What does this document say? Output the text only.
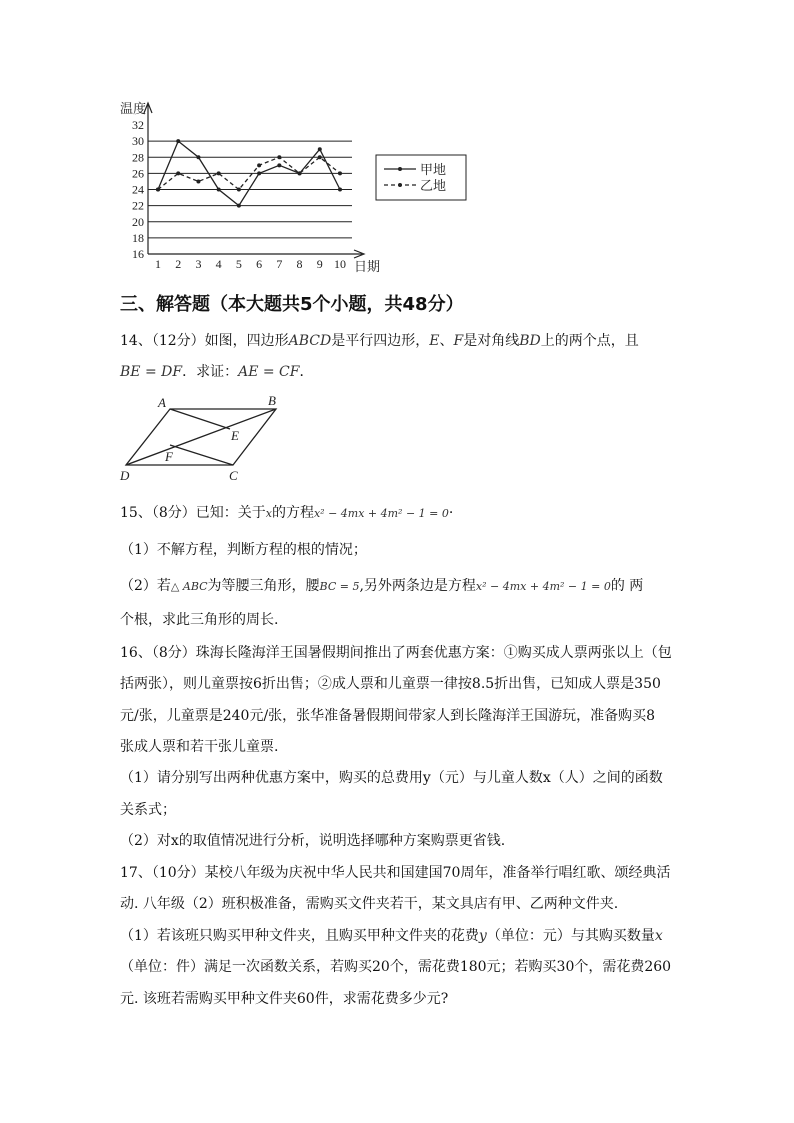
16
18
20
22
24
26
28
30
32
1 2 3 4 5 6 7 8 9 10
温度
日期
甲地
乙地
三、解答题（本大题共5个小题，共48分）
14、（12分）如图，四边形ABCD是平行四边形，E、F是对角线BD上的两个点，且
BE = DF．求证：AE = CF．
A	B
E
F
D	C
15、（8分）已知：关于x的方程x² − 4mx + 4m² − 1 = 0·
（1）不解方程，判断方程的根的情况；
（2）若△ ABC为等腰三角形，腰BC = 5,另外两条边是方程x² − 4mx + 4m² − 1 = 0的 两
个根，求此三角形的周长.
16、（8分）珠海长隆海洋王国暑假期间推出了两套优惠方案：①购买成人票两张以上（包
括两张），则儿童票按6折出售；②成人票和儿童票一律按8.5折出售，已知成人票是350
元/张，儿童票是240元/张，张华准备暑假期间带家人到长隆海洋王国游玩，准备购买8
张成人票和若干张儿童票.
（1）请分别写出两种优惠方案中，购买的总费用y（元）与儿童人数x（人）之间的函数
关系式；
（2）对x的取值情况进行分析，说明选择哪种方案购票更省钱.
17、（10分）某校八年级为庆祝中华人民共和国建国70周年，准备举行唱红歌、颂经典活
动. 八年级（2）班积极准备，需购买文件夹若干，某文具店有甲、乙两种文件夹.
（1）若该班只购买甲种文件夹，且购买甲种文件夹的花费y（单位：元）与其购买数量x
（单位：件）满足一次函数关系，若购买20个，需花费180元；若购买30个，需花费260
元. 该班若需购买甲种文件夹60件，求需花费多少元?
